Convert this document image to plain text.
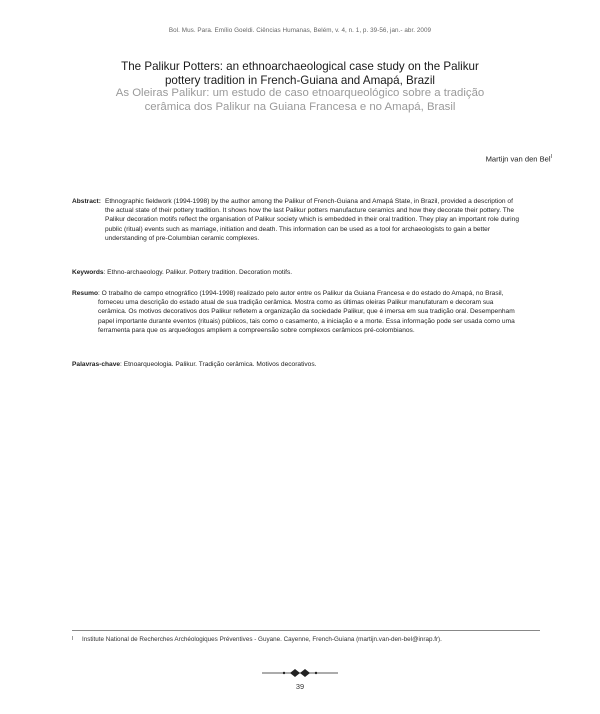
Bol. Mus. Para. Emílio Goeldi. Ciências Humanas, Belém, v. 4, n. 1, p. 39-56, jan.- abr. 2009
The Palikur Potters: an ethnoarchaeological case study on the Palikur
pottery tradition in French-Guiana and Amapá, Brazil
As Oleiras Palikur: um estudo de caso etnoarqueológico sobre a tradição
cerâmica dos Palikur na Guiana Francesa e no Amapá, Brasil
Martijn van den Bel$^I$
Abstract: Ethnographic fieldwork (1994-1998) by the author among the Palikur of French-Guiana and Amapá State, in Brazil, provided a description of the actual state of their pottery tradition. It shows how the last Palikur potters manufacture ceramics and how they decorate their pottery. The Palikur decoration motifs reflect the organisation of Palikur society which is embedded in their oral tradition. They play an important role during public (ritual) events such as marriage, initiation and death. This information can be used as a tool for archaeologists to gain a better understanding of pre-Columbian ceramic complexes.
Keywords: Ethno-archaeology. Palikur. Pottery tradition. Decoration motifs.
Resumo : O trabalho de campo etnográfico (1994-1998) realizado pelo autor entre os Palikur da Guiana Francesa e do estado do Amapá, no Brasil, forneceu uma descrição do estado atual de sua tradição cerâmica. Mostra como as últimas oleiras Palikur manufaturam e decoram sua cerâmica. Os motivos decorativos dos Palikur refletem a organização da sociedade Palikur, que é imersa em sua tradição oral. Desempenham papel importante durante eventos (rituais) públicos, tais como o casamento, a iniciação e a morte. Essa informação pode ser usada como uma ferramenta para que os arqueólogos ampliem a compreensão sobre complexos cerâmicos pré-colombianos.
Palavras-chave: Etnoarqueologia. Palikur. Tradição cerâmica. Motivos decorativos.
I Institute National de Recherches Archéologiques Préventives - Guyane. Cayenne, French-Guiana (martijn.van-den-bel@inrap.fr).
39
